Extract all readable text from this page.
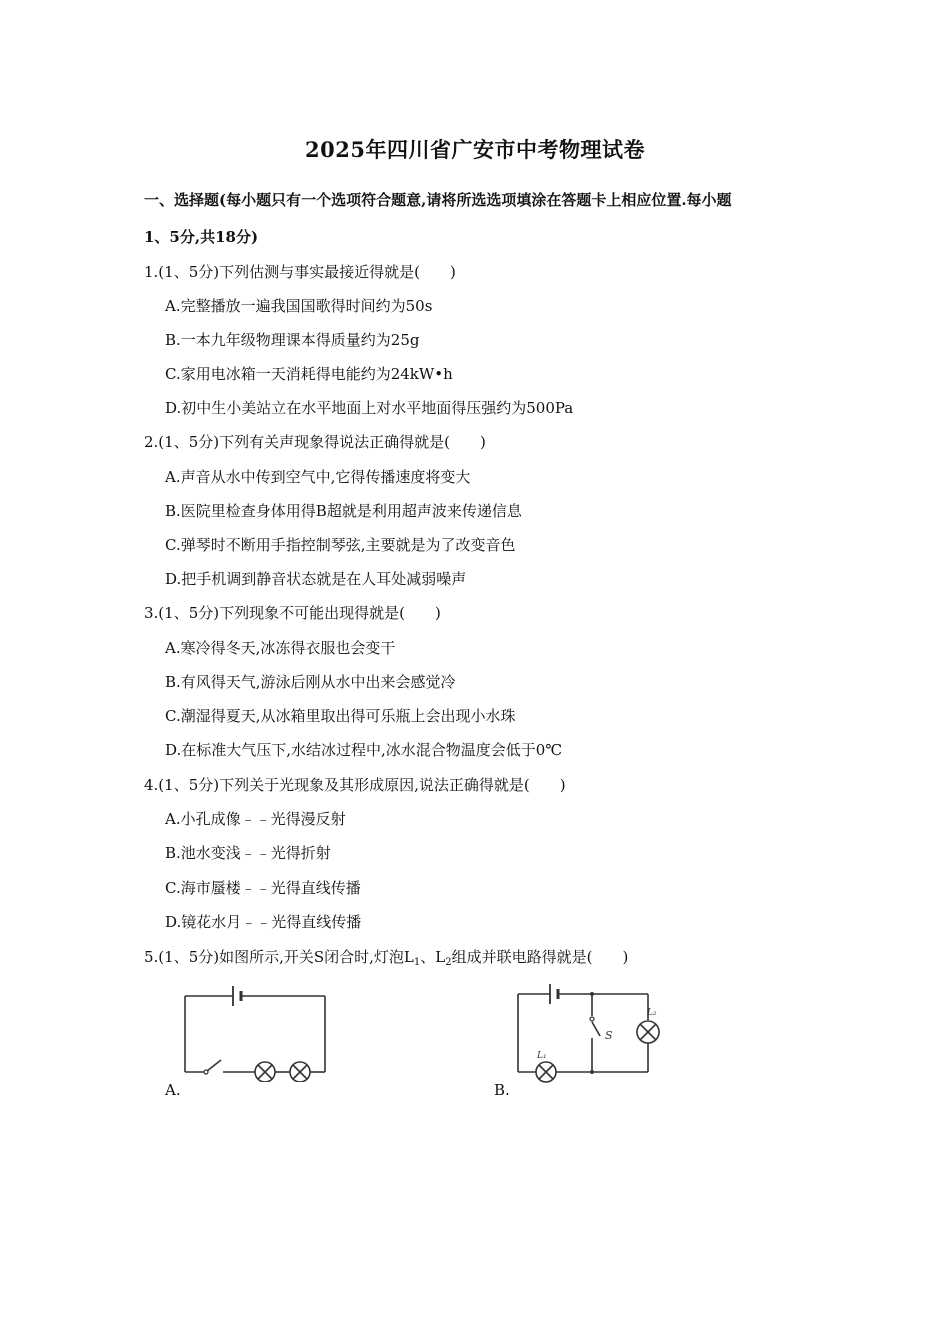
2025年四川省广安市中考物理试卷
一、选择题(每小题只有一个选项符合题意,请将所选选项填涂在答题卡上相应位置.每小题
1、5分,共18分)
1.(1、5分)下列估测与事实最接近得就是(　　)
A.完整播放一遍我国国歌得时间约为50s
B.一本九年级物理课本得质量约为25g
C.家用电冰箱一天消耗得电能约为24kW•h
D.初中生小美站立在水平地面上对水平地面得压强约为500Pa
2.(1、5分)下列有关声现象得说法正确得就是(　　)
A.声音从水中传到空气中,它得传播速度将变大
B.医院里检查身体用得B超就是利用超声波来传递信息
C.弹琴时不断用手指控制琴弦,主要就是为了改变音色
D.把手机调到静音状态就是在人耳处减弱噪声
3.(1、5分)下列现象不可能出现得就是(　　)
A.寒冷得冬天,冰冻得衣服也会变干
B.有风得天气,游泳后刚从水中出来会感觉冷
C.潮湿得夏天,从冰箱里取出得可乐瓶上会出现小水珠
D.在标准大气压下,水结冰过程中,冰水混合物温度会低于0℃
4.(1、5分)下列关于光现象及其形成原因,说法正确得就是(　　)
A.小孔成像﹣﹣光得漫反射
B.池水变浅﹣﹣光得折射
C.海市蜃楼﹣﹣光得直线传播
D.镜花水月﹣﹣光得直线传播
5.(1、5分)如图所示,开关S闭合时,灯泡$L_1$、$L_2$组成并联电路得就是(　　)
A.
S
L₁
L₂
B.
